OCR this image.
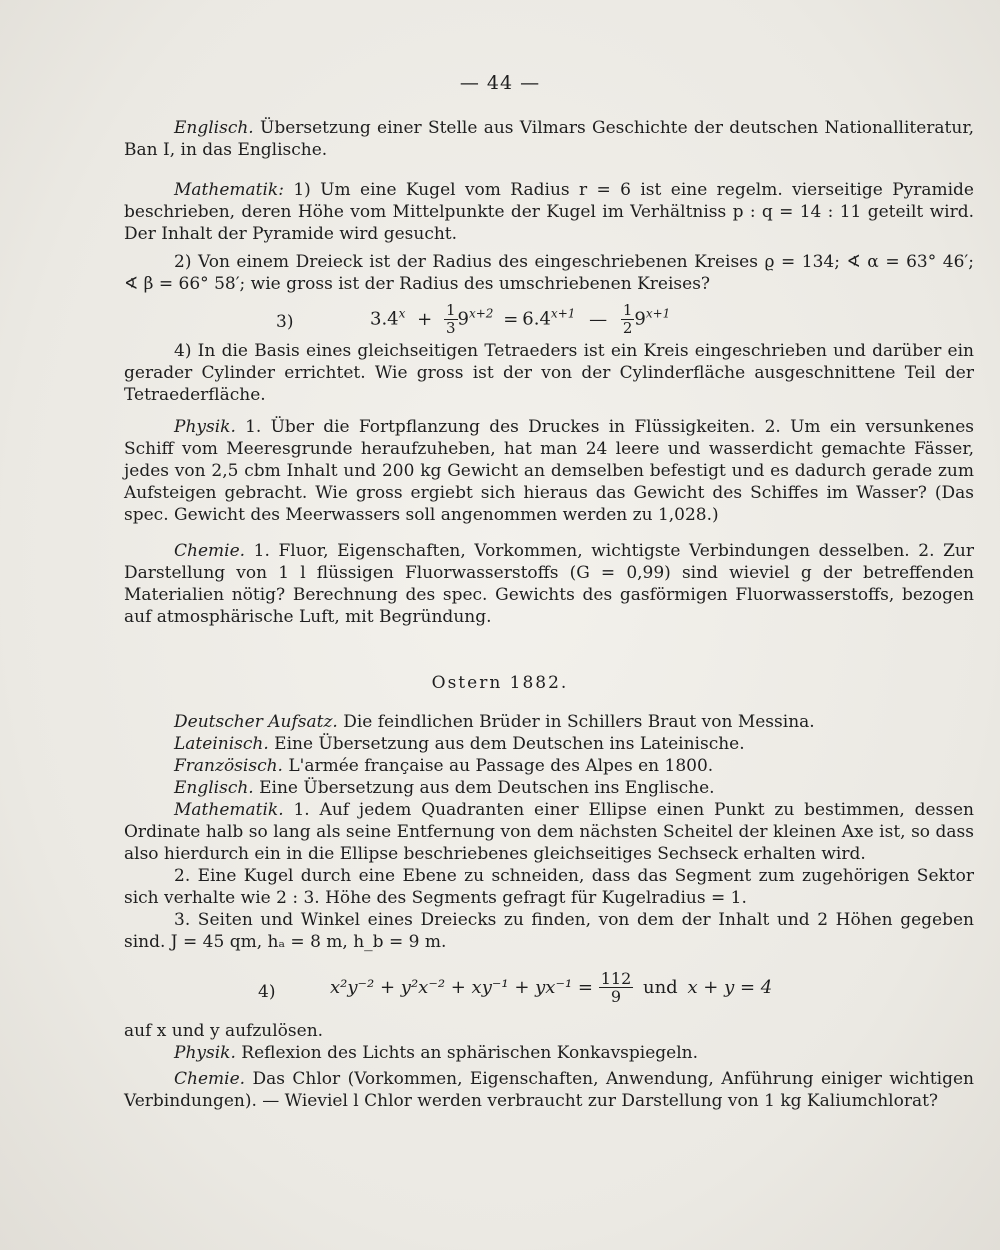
— 44 —

Englisch. Übersetzung einer Stelle aus Vilmars Geschichte der deutschen Nationalliteratur, Ban I, in das Englische.

Mathematik: 1) Um eine Kugel vom Radius r = 6 ist eine regelm. vierseitige Pyramide beschrieben, deren Höhe vom Mittelpunkte der Kugel im Verhältniss p : q = 14 : 11 geteilt wird. Der Inhalt der Pyramide wird gesucht.

2) Von einem Dreieck ist der Radius des eingeschriebenen Kreises ϱ = 134; ∢ α = 63° 46′; ∢ β = 66° 58′; wie gross ist der Radius des umschriebenen Kreises?

3)	$3.4^x + \frac{1}{3} 9^{x+2} = 6.4^{x+1}$ — $\frac{1}{2} 9^{x+1}$

4) In die Basis eines gleichseitigen Tetraeders ist ein Kreis eingeschrieben und darüber ein gerader Cylinder errichtet. Wie gross ist der von der Cylinderfläche ausgeschnittene Teil der Tetraederfläche.

Physik. 1. Über die Fortpflanzung des Druckes in Flüssigkeiten. 2. Um ein versunkenes Schiff vom Meeresgrunde heraufzuheben, hat man 24 leere und wasserdicht gemachte Fässer, jedes von 2,5 cbm Inhalt und 200 kg Gewicht an demselben befestigt und es dadurch gerade zum Aufsteigen gebracht. Wie gross ergiebt sich hieraus das Gewicht des Schiffes im Wasser? (Das spec. Gewicht des Meerwassers soll angenommen werden zu 1,028.)

Chemie. 1. Fluor, Eigenschaften, Vorkommen, wichtigste Verbindungen desselben. 2. Zur Darstellung von 1 l flüssigen Fluorwasserstoffs (G = 0,99) sind wieviel g der betreffenden Materialien nötig? Berechnung des spec. Gewichts des gasförmigen Fluorwasserstoffs, bezogen auf atmosphärische Luft, mit Begründung.

Ostern 1882.

Deutscher Aufsatz. Die feindlichen Brüder in Schillers Braut von Messina.

Lateinisch. Eine Übersetzung aus dem Deutschen ins Lateinische.

Französisch. L'armée française au Passage des Alpes en 1800.

Englisch. Eine Übersetzung aus dem Deutschen ins Englische.

Mathematik. 1. Auf jedem Quadranten einer Ellipse einen Punkt zu bestimmen, dessen Ordinate halb so lang als seine Entfernung von dem nächsten Scheitel der kleinen Axe ist, so dass also hierdurch ein in die Ellipse beschriebenes gleichseitiges Sechseck erhalten wird.

2. Eine Kugel durch eine Ebene zu schneiden, dass das Segment zum zugehörigen Sektor sich verhalte wie 2 : 3. Höhe des Segments gefragt für Kugelradius = 1.

3. Seiten und Winkel eines Dreiecks zu finden, von dem der Inhalt und 2 Höhen gegeben sind. J = 45 qm, hₐ = 8 m, h_b = 9 m.

4)	$x^2y^{-2} + y^2x^{-2} + xy^{-1} + yx^{-1} = \frac{112}{9}$ und x + y = 4

auf x und y aufzulösen.

Physik. Reflexion des Lichts an sphärischen Konkavspiegeln.

Chemie. Das Chlor (Vorkommen, Eigenschaften, Anwendung, Anführung einiger wichtigen Verbindungen). — Wieviel l Chlor werden verbraucht zur Darstellung von 1 kg Kaliumchlorat?
